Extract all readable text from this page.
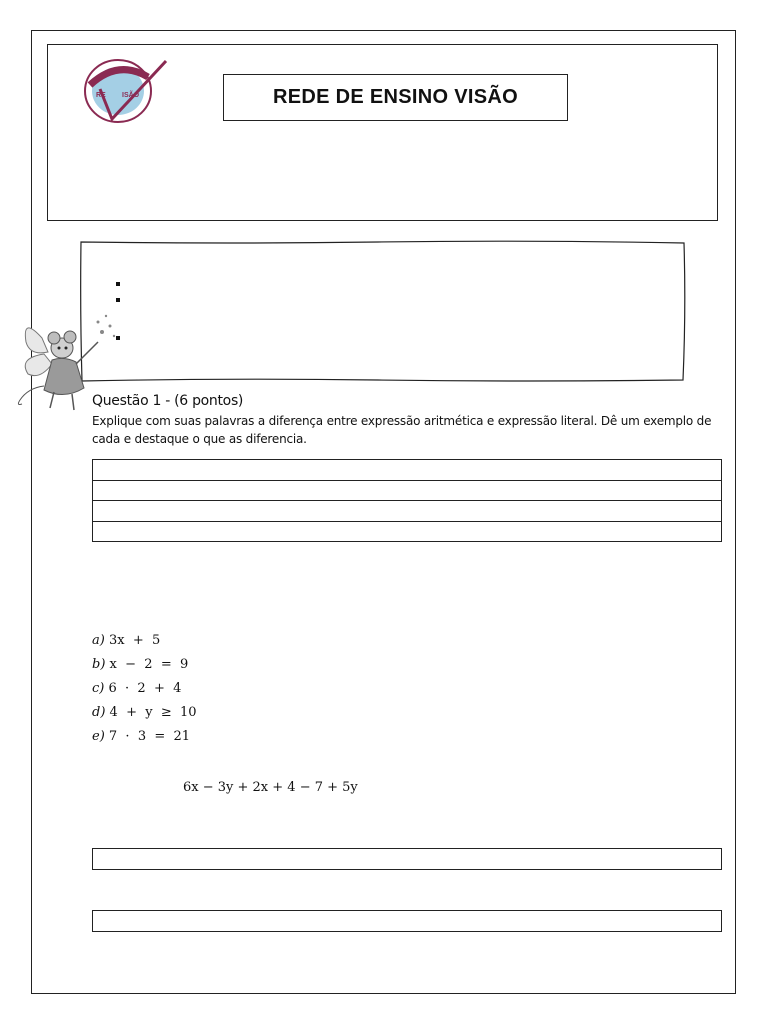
RE ISÃO	REDE DE ENSINO VISÃO
Questão 1 - (6 pontos)
Explique com suas palavras a diferença entre expressão aritmética e expressão literal. Dê um exemplo de cada e destaque o que as diferencia.
a) 3x  +  5
b) x  −  2  =  9
c) 6  ·  2  +  4
d) 4  +  y  ≥  10
e) 7  ·  3  =  21
6x − 3y + 2x + 4 − 7 + 5y
